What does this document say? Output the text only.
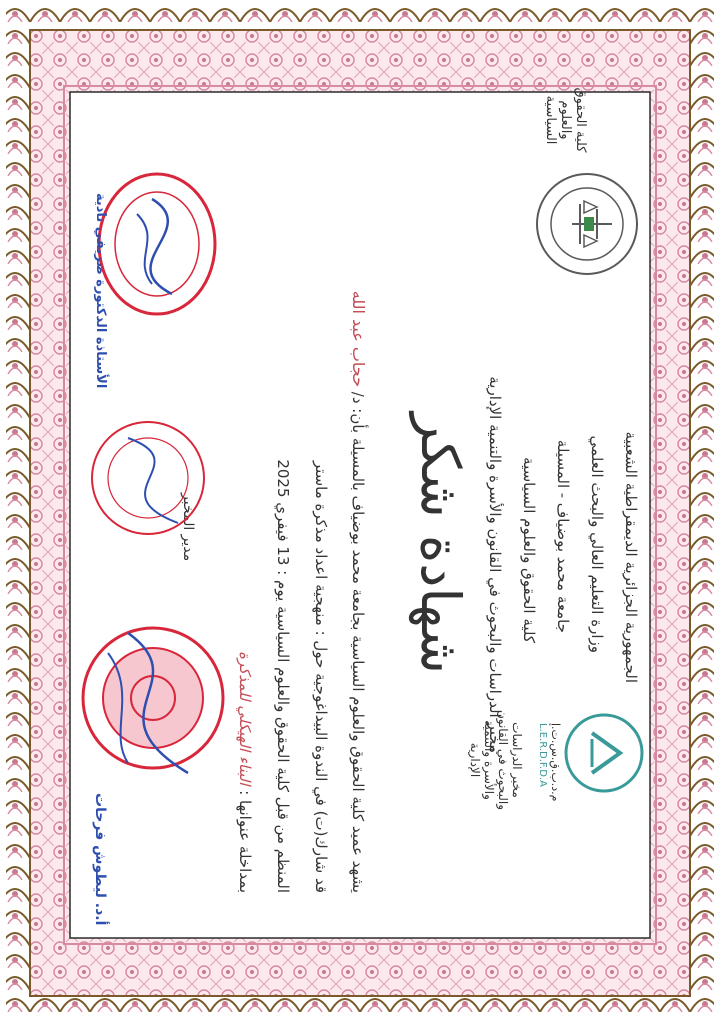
الجمهورية الجزائرية الديمقراطية الشعبية
وزارة التعليم العالي والبحث العلمي
جامعة محمد بوضياف - المسيلة
كلية الحقوق والعلوم السياسية
مخبر الدراسات والبحوث في القانون والأسرة والتنمية الإدارية
كلية الحقوق والعلوم السياسية
م.د.ب.ق.س.ت.إ
L.E.R.D.F.D.A
مخبر الدراسات والبحوث في القانون والأسرة والتنمية الإدارية
شهادة شكر
يشهد عميد كلية الحقوق والعلوم السياسية بجامعة محمد بوضياف بالمسيلة بأن: د/ حجاب عبد الله
قد شارك(ت) في الندوة البيداغوجية حول : منهجية اعداد مذكرة ماستر
المنظم من قبل كلية الحقوق والعلوم السياسية يوم : 13 فيفري 2025
بمداخلة عنوانها : البناء الهيكلي للمذكرة
مدير المخبر
الأستاذة الدكتورة ضريفي نادية
أ.د. ليطوش فرحات
